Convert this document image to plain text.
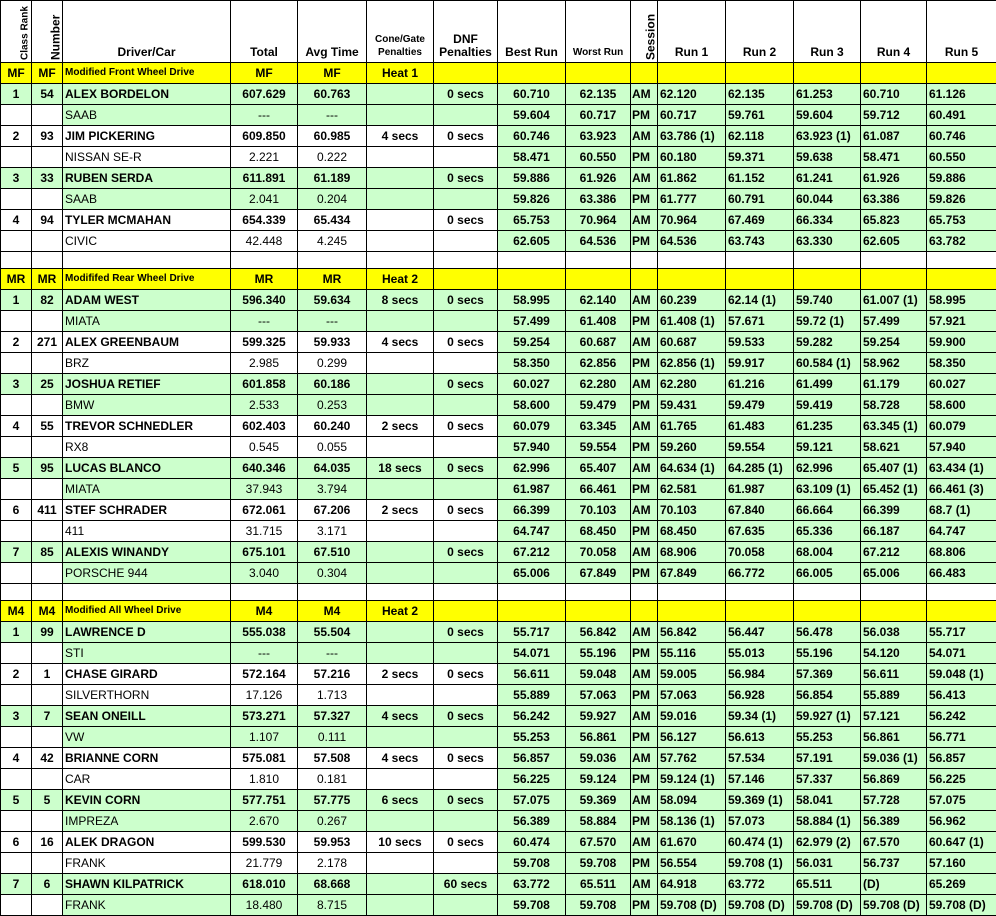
Class Rank	Number	Driver/Car	Total	Avg Time	Cone/Gate Penalties	DNF Penalties	Best Run	Worst Run	Session	Run 1	Run 2	Run 3	Run 4	Run 5
MF	MF	Modified Front Wheel Drive	MF	MF	Heat 1									
1	54	ALEX BORDELON	607.629	60.763		0 secs	60.710	62.135	AM	62.120	62.135	61.253	60.710	61.126
		SAAB	---	---			59.604	60.717	PM	60.717	59.761	59.604	59.712	60.491
2	93	JIM PICKERING	609.850	60.985	4 secs	0 secs	60.746	63.923	AM	63.786 (1)	62.118	63.923 (1)	61.087	60.746
		NISSAN SE-R	2.221	0.222			58.471	60.550	PM	60.180	59.371	59.638	58.471	60.550
3	33	RUBEN SERDA	611.891	61.189		0 secs	59.886	61.926	AM	61.862	61.152	61.241	61.926	59.886
		SAAB	2.041	0.204			59.826	63.386	PM	61.777	60.791	60.044	63.386	59.826
4	94	TYLER MCMAHAN	654.339	65.434		0 secs	65.753	70.964	AM	70.964	67.469	66.334	65.823	65.753
		CIVIC	42.448	4.245			62.605	64.536	PM	64.536	63.743	63.330	62.605	63.782

MR	MR	Modififed Rear Wheel Drive	MR	MR	Heat 2									
1	82	ADAM WEST	596.340	59.634	8 secs	0 secs	58.995	62.140	AM	60.239	62.14 (1)	59.740	61.007 (1)	58.995
		MIATA	---	---			57.499	61.408	PM	61.408 (1)	57.671	59.72 (1)	57.499	57.921
2	271	ALEX GREENBAUM	599.325	59.933	4 secs	0 secs	59.254	60.687	AM	60.687	59.533	59.282	59.254	59.900
		BRZ	2.985	0.299			58.350	62.856	PM	62.856 (1)	59.917	60.584 (1)	58.962	58.350
3	25	JOSHUA RETIEF	601.858	60.186		0 secs	60.027	62.280	AM	62.280	61.216	61.499	61.179	60.027
		BMW	2.533	0.253			58.600	59.479	PM	59.431	59.479	59.419	58.728	58.600
4	55	TREVOR SCHNEDLER	602.403	60.240	2 secs	0 secs	60.079	63.345	AM	61.765	61.483	61.235	63.345 (1)	60.079
		RX8	0.545	0.055			57.940	59.554	PM	59.260	59.554	59.121	58.621	57.940
5	95	LUCAS BLANCO	640.346	64.035	18 secs	0 secs	62.996	65.407	AM	64.634 (1)	64.285 (1)	62.996	65.407 (1)	63.434 (1)
		MIATA	37.943	3.794			61.987	66.461	PM	62.581	61.987	63.109 (1)	65.452 (1)	66.461 (3)
6	411	STEF SCHRADER	672.061	67.206	2 secs	0 secs	66.399	70.103	AM	70.103	67.840	66.664	66.399	68.7 (1)
		411	31.715	3.171			64.747	68.450	PM	68.450	67.635	65.336	66.187	64.747
7	85	ALEXIS WINANDY	675.101	67.510		0 secs	67.212	70.058	AM	68.906	70.058	68.004	67.212	68.806
		PORSCHE 944	3.040	0.304			65.006	67.849	PM	67.849	66.772	66.005	65.006	66.483

M4	M4	Modified All Wheel Drive	M4	M4	Heat 2									
1	99	LAWRENCE D	555.038	55.504		0 secs	55.717	56.842	AM	56.842	56.447	56.478	56.038	55.717
		STI	---	---			54.071	55.196	PM	55.116	55.013	55.196	54.120	54.071
2	1	CHASE GIRARD	572.164	57.216	2 secs	0 secs	56.611	59.048	AM	59.005	56.984	57.369	56.611	59.048 (1)
		SILVERTHORN	17.126	1.713			55.889	57.063	PM	57.063	56.928	56.854	55.889	56.413
3	7	SEAN ONEILL	573.271	57.327	4 secs	0 secs	56.242	59.927	AM	59.016	59.34 (1)	59.927 (1)	57.121	56.242
		VW	1.107	0.111			55.253	56.861	PM	56.127	56.613	55.253	56.861	56.771
4	42	BRIANNE CORN	575.081	57.508	4 secs	0 secs	56.857	59.036	AM	57.762	57.534	57.191	59.036 (1)	56.857
		CAR	1.810	0.181			56.225	59.124	PM	59.124 (1)	57.146	57.337	56.869	56.225
5	5	KEVIN CORN	577.751	57.775	6 secs	0 secs	57.075	59.369	AM	58.094	59.369 (1)	58.041	57.728	57.075
		IMPREZA	2.670	0.267			56.389	58.884	PM	58.136 (1)	57.073	58.884 (1)	56.389	56.962
6	16	ALEK DRAGON	599.530	59.953	10 secs	0 secs	60.474	67.570	AM	61.670	60.474 (1)	62.979 (2)	67.570	60.647 (1)
		FRANK	21.779	2.178			59.708	59.708	PM	56.554	59.708 (1)	56.031	56.737	57.160
7	6	SHAWN KILPATRICK	618.010	68.668		60 secs	63.772	65.511	AM	64.918	63.772	65.511	(D)	65.269
		FRANK	18.480	8.715			59.708	59.708	PM	59.708 (D)	59.708 (D)	59.708 (D)	59.708 (D)	59.708 (D)
